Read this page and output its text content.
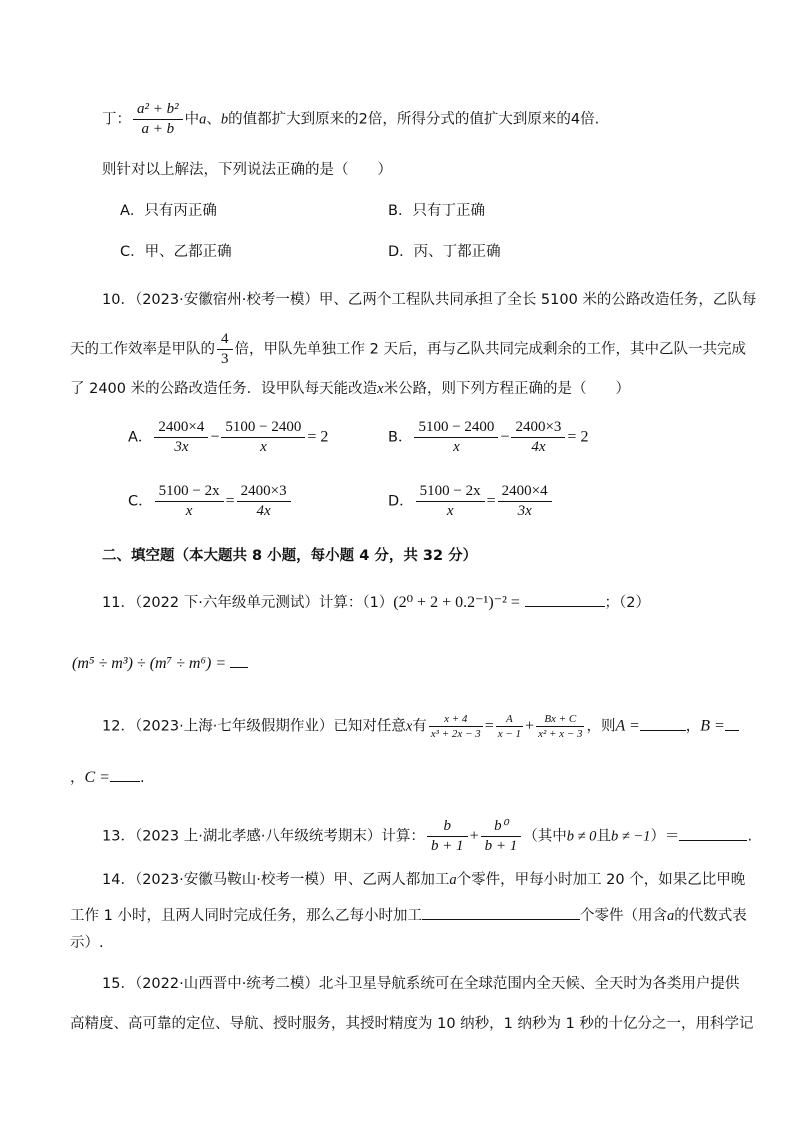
丁： $\frac{\text{a² + b²}}{a + b}$ 中a、b的值都扩大到原来的2倍，所得分式的值扩大到原来的4倍.
则针对以上解法，下列说法正确的是（　　）
A．只有丙正确	B．只有丁正确
C．甲、乙都正确	D．丙、丁都正确
10．（2023·安徽宿州·校考一模）甲、乙两个工程队共同承担了全长 5100 米的公路改造任务，乙队每
天的工作效率是甲队的 $\frac{4}{3}$ 倍，甲队先单独工作 2 天后，再与乙队共同完成剩余的工作，其中乙队一共完成
了 2400 米的公路改造任务．设甲队每天能改造x米公路，则下列方程正确的是（　　）
A． $\frac{2400\times 4}{3x} - \frac{5100 - 2400}{x} = 2$	B． $\frac{5100 - 2400}{x} - \frac{2400\times 3}{4x} = 2$
C． $\frac{5100 - 2x}{x} = \frac{2400\times 3}{4x}$	D． $\frac{5100 - 2x}{x} = \frac{2400\times 4}{3x}$
二、填空题（本大题共 8 小题，每小题 4 分，共 32 分）
11．（2022 下·六年级单元测试）计算：（1）(2⁰ + 2 + 0.2⁻¹)⁻² =	；（2）
(m⁵ ÷ m³) ÷ (m⁷ ÷ m⁶) =
12．（2023·上海·七年级假期作业）已知对任意x有 $\frac{x + 4}{\text{x³ + 2x − 3}} = \frac{A}{x - 1} + \frac{Bx + C}{\text{x² + x − 3}}$ ，则A =	，B =
，C = .
13．（2023 上·湖北孝感·八年级统考期末）计算： $\frac{b}{b + 1} + \frac{\text{b⁰}}{b + 1}$ （其中b ≠ 0且b ≠ −1）＝	.
14．（2023·安徽马鞍山·校考一模）甲、乙两人都加工a个零件，甲每小时加工 20 个，如果乙比甲晚
工作 1 小时，且两人同时完成任务，那么乙每小时加工	个零件（用含a的代数式表
示）.
15．（2022·山西晋中·统考二模）北斗卫星导航系统可在全球范围内全天候、全天时为各类用户提供
高精度、高可靠的定位、导航、授时服务，其授时精度为 10 纳秒，1 纳秒为 1 秒的十亿分之一，用科学记
